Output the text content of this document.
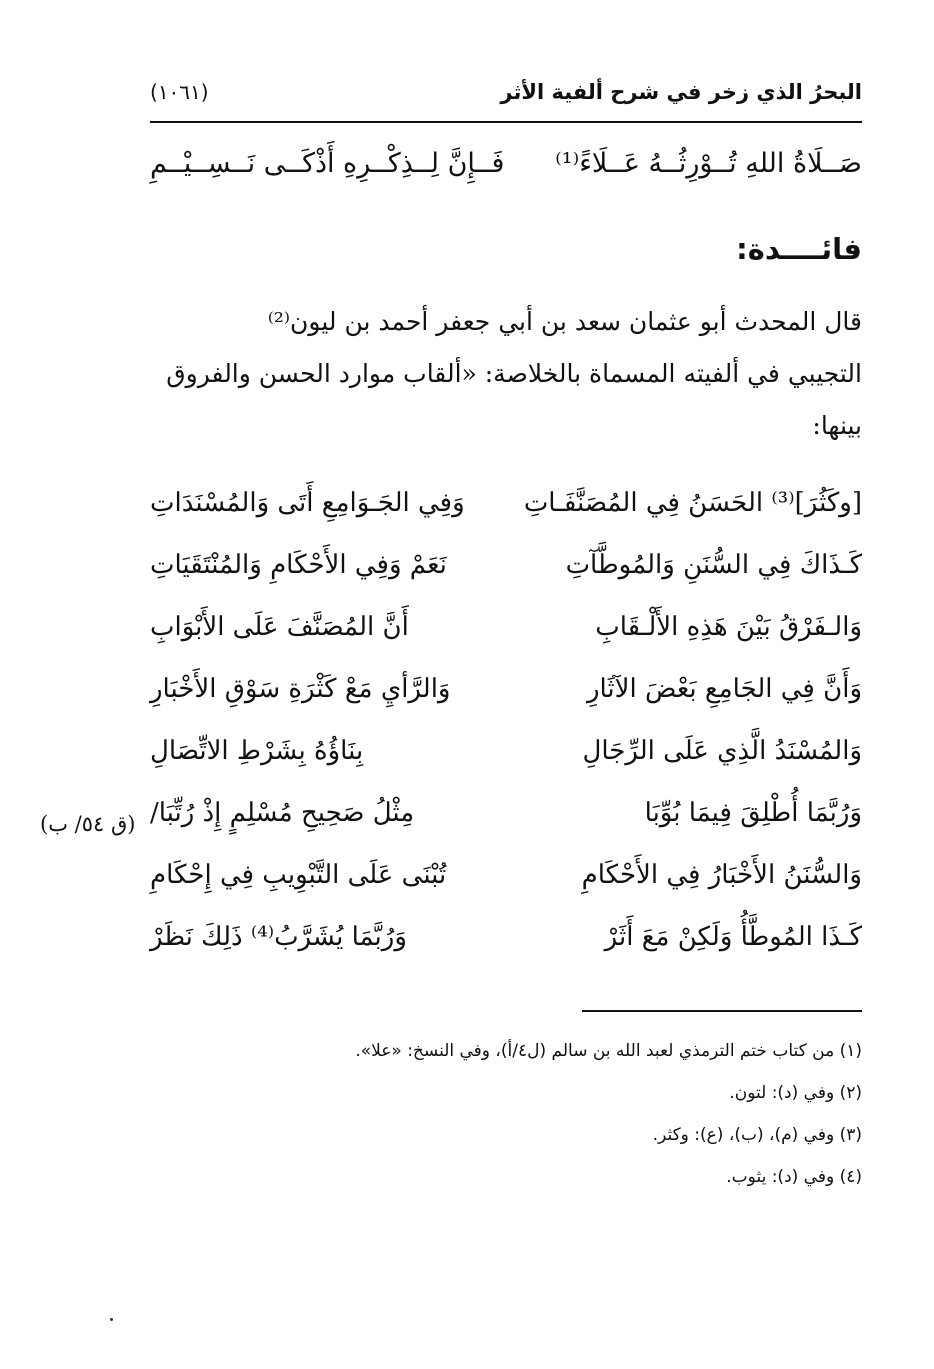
البحرُ الذي زخر في شرح ألفية الأثر
(١٠٦١)
صَــلَاةُ اللهِ تُــوْرِثُــهُ عَــلَاءً⁽¹⁾
فَــإِنَّ لِــذِكْــرِهِ أَذْكَــى نَــسِــيْــمِ
فائــــدة:
قال المحدث أبو عثمان سعد بن أبي جعفر أحمد بن ليون⁽²⁾
التجيبي في ألفيته المسماة بالخلاصة: «ألقاب موارد الحسن والفروق
بينها:
[وكَثُرَ]⁽³⁾ الحَسَنُ فِي المُصَنَّفَـاتِ
وَفِي الجَـوَامِعِ أَتَى وَالمُسْنَدَاتِ
كَـذَاكَ فِي السُّنَنِ وَالمُوطَّآتِ
نَعَمْ وَفِي الأَحْكَامِ وَالمُنْتَقَيَاتِ
وَالـفَرْقُ بَيْنَ هَذِهِ الأَلْـقَابِ
أَنَّ المُصَنَّفَ عَلَى الأَبْوَابِ
وَأَنَّ فِي الجَامِعِ بَعْضَ الآثَارِ
وَالرَّأيِ مَعْ كَثْرَةِ سَوْقِ الأَخْبَارِ
وَالمُسْنَدُ الَّذِي عَلَى الرِّجَالِ
بِنَاؤُهُ بِشَرْطِ الاتِّصَالِ
وَرُبَّمَا أُطْلِقَ فِيمَا بُوِّبَا
مِثْلُ صَحِيحِ مُسْلِمٍ إِذْ رُتِّبَا/
وَالسُّنَنُ الأَخْبَارُ فِي الأَحْكَامِ
تُبْنَى عَلَى التَّبْوِيبِ فِي إِحْكَامِ
كَـذَا المُوطَّأُ وَلَكِنْ مَعَ أَثَرْ
وَرُبَّمَا يُشَرَّبُ⁽⁴⁾ ذَلِكَ نَظَرْ
(ق ٥٤/ ب)
(١) من كتاب ختم الترمذي لعبد الله بن سالم (ل٤/أ)، وفي النسخ: «علا».
(٢) وفي (د): لتون.
(٣) وفي (م)، (ب)، (ع): وكثر.
(٤) وفي (د): يثوب.
